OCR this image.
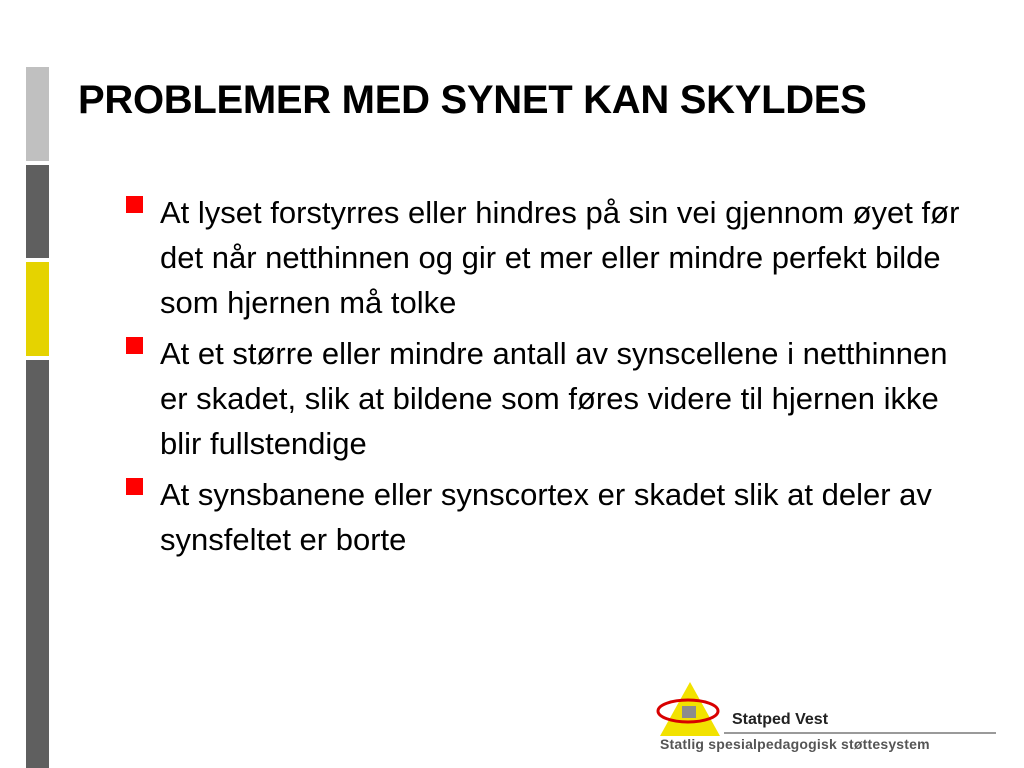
PROBLEMER MED SYNET KAN SKYLDES
At lyset forstyrres eller hindres på sin vei gjennom øyet før det når netthinnen og gir et mer eller mindre perfekt bilde som hjernen må tolke
At et større eller mindre antall av synscellene i netthinnen er skadet, slik at bildene som føres videre til hjernen ikke blir fullstendige
At synsbanene eller synscortex er skadet slik at deler av synsfeltet er borte
Statped Vest
Statlig spesialpedagogisk støttesystem
